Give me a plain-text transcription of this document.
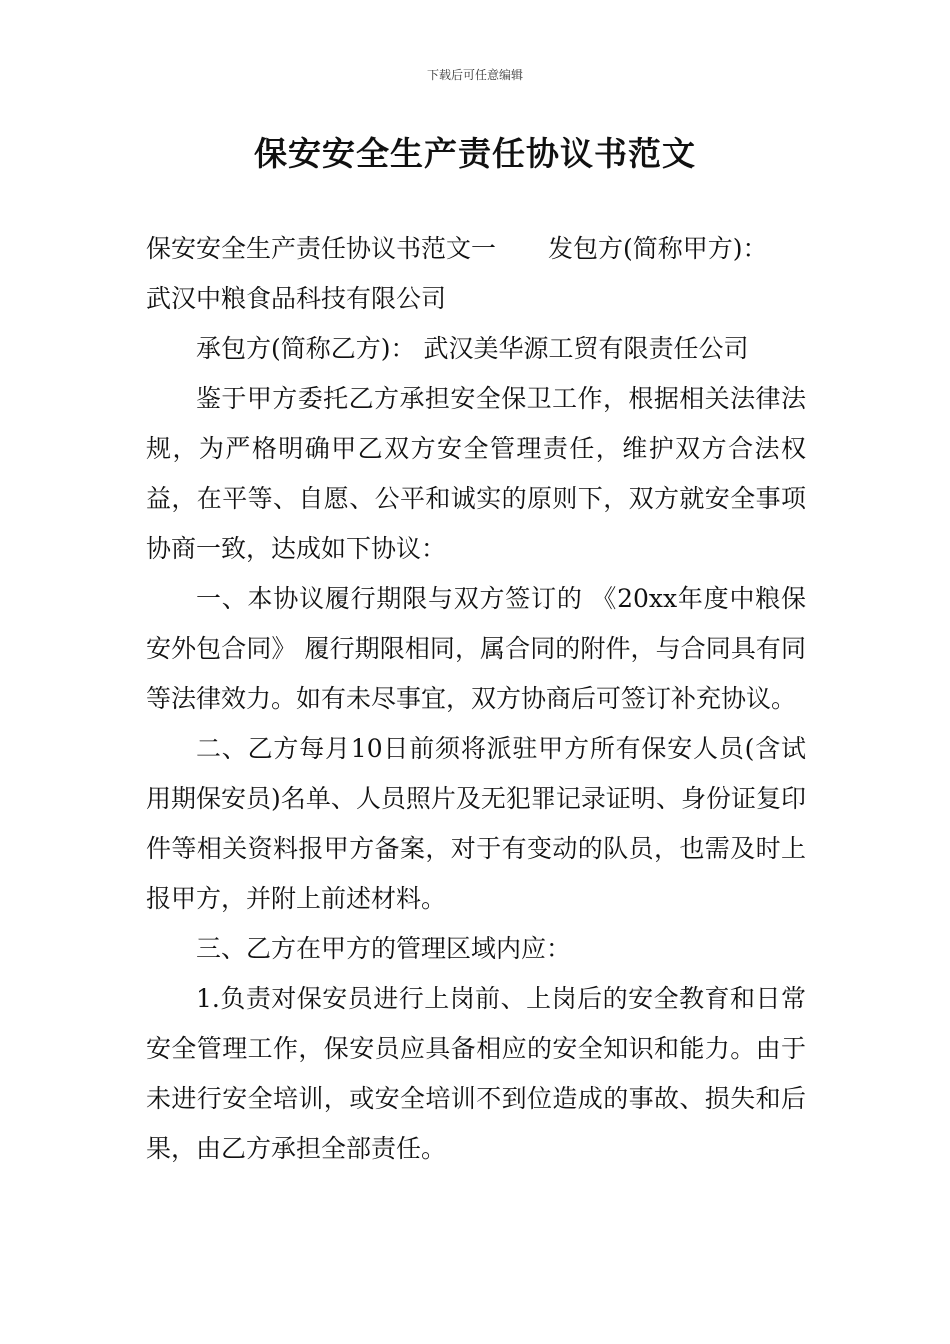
下载后可任意编辑
保安安全生产责任协议书范文

保安安全生产责任协议书范文一 发包方(简称甲方)：

武汉中粮食品科技有限公司

承包方(简称乙方)： 武汉美华源工贸有限责任公司

鉴于甲方委托乙方承担安全保卫工作，根据相关法律法规，为严格明确甲乙双方安全管理责任，维护双方合法权益，在平等、自愿、公平和诚实的原则下，双方就安全事项协商一致，达成如下协议：

一、本协议履行期限与双方签订的 《20xx年度中粮保安外包合同》 履行期限相同，属合同的附件，与合同具有同等法律效力。如有未尽事宜，双方协商后可签订补充协议。

二、乙方每月10日前须将派驻甲方所有保安人员(含试用期保安员)名单、人员照片及无犯罪记录证明、身份证复印件等相关资料报甲方备案，对于有变动的队员，也需及时上报甲方，并附上前述材料。

三、乙方在甲方的管理区域内应：

1.负责对保安员进行上岗前、上岗后的安全教育和日常安全管理工作，保安员应具备相应的安全知识和能力。由于未进行安全培训，或安全培训不到位造成的事故、损失和后果，由乙方承担全部责任。
